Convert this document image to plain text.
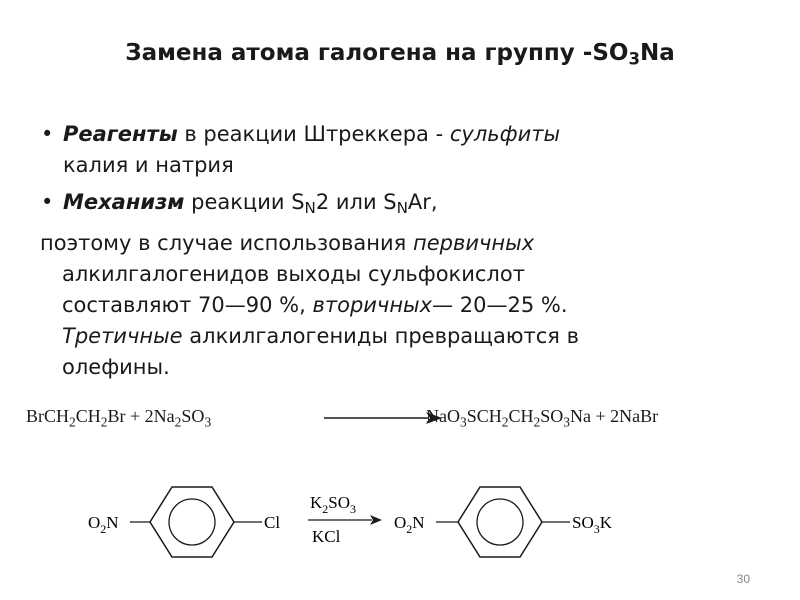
Замена атома галогена на группу $-SO_3Na$
• Реагенты в реакции Штреккера - сульфиты
калия и натрия
• Механизм реакции $S_N2$ или $S_NAr$,
поэтому в случае использования первичных
алкилгалогенидов выходы сульфокислот
составляют 70—90 %, вторичных— 20—25 %.
Третичные алкилгалогениды превращаются в
олефины.
$BrCH_2CH_2Br + 2Na_2SO_3$	$NaO_3SCH_2CH_2SO_3Na$ + 2NaBr
$O_2N$	Cl
$K_2SO_3$
KCl
$O_2N$	$SO_3K$
30
